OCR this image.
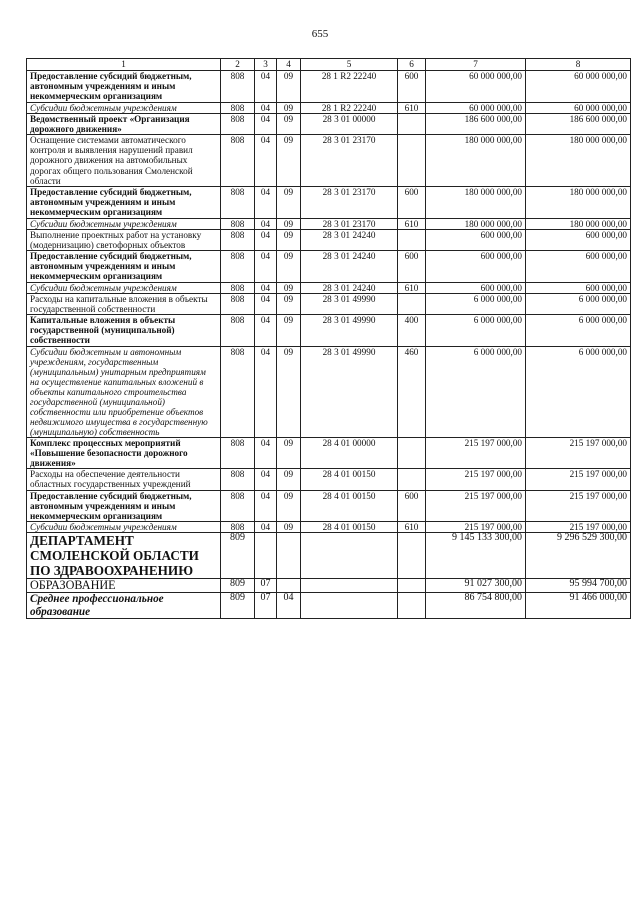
655
1	2	3	4	5	6	7	8
Предоставление субсидий бюджетным, автономным учреждениям и иным некоммерческим организациям	808	04	09	28 1 R2 22240	600	60 000 000,00	60 000 000,00
Субсидии бюджетным учреждениям	808	04	09	28 1 R2 22240	610	60 000 000,00	60 000 000,00
Ведомственный проект «Организация дорожного движения»	808	04	09	28 3 01 00000		186 600 000,00	186 600 000,00
Оснащение системами автоматического контроля и выявления нарушений правил дорожного движения на автомобильных дорогах общего пользования Смоленской области	808	04	09	28 3 01 23170		180 000 000,00	180 000 000,00
Предоставление субсидий бюджетным, автономным учреждениям и иным некоммерческим организациям	808	04	09	28 3 01 23170	600	180 000 000,00	180 000 000,00
Субсидии бюджетным учреждениям	808	04	09	28 3 01 23170	610	180 000 000,00	180 000 000,00
Выполнение проектных работ на установку (модернизацию) светофорных объектов	808	04	09	28 3 01 24240		600 000,00	600 000,00
Предоставление субсидий бюджетным, автономным учреждениям и иным некоммерческим организациям	808	04	09	28 3 01 24240	600	600 000,00	600 000,00
Субсидии бюджетным учреждениям	808	04	09	28 3 01 24240	610	600 000,00	600 000,00
Расходы на капитальные вложения в объекты государственной собственности	808	04	09	28 3 01 49990		6 000 000,00	6 000 000,00
Капитальные вложения в объекты государственной (муниципальной) собственности	808	04	09	28 3 01 49990	400	6 000 000,00	6 000 000,00
Субсидии бюджетным и автономным учреждениям, государственным (муниципальным) унитарным предприятиям на осуществление капитальных вложений в объекты капитального строительства государственной (муниципальной) собственности или приобретение объектов недвижимого имущества в государственную (муниципальную) собственность	808	04	09	28 3 01 49990	460	6 000 000,00	6 000 000,00
Комплекс процессных мероприятий «Повышение безопасности дорожного движения»	808	04	09	28 4 01 00000		215 197 000,00	215 197 000,00
Расходы на обеспечение деятельности областных государственных учреждений	808	04	09	28 4 01 00150		215 197 000,00	215 197 000,00
Предоставление субсидий бюджетным, автономным учреждениям и иным некоммерческим организациям	808	04	09	28 4 01 00150	600	215 197 000,00	215 197 000,00
Субсидии бюджетным учреждениям	808	04	09	28 4 01 00150	610	215 197 000,00	215 197 000,00
ДЕПАРТАМЕНТ СМОЛЕНСКОЙ ОБЛАСТИ ПО ЗДРАВООХРАНЕНИЮ	809					9 145 133 300,00	9 296 529 300,00
ОБРАЗОВАНИЕ	809	07				91 027 300,00	95 994 700,00
Среднее профессиональное образование	809	07	04			86 754 800,00	91 466 000,00
